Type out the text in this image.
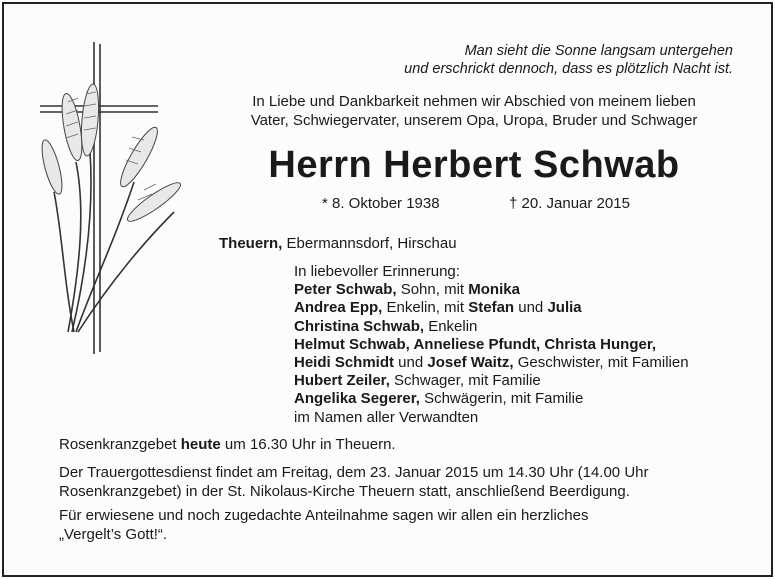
Man sieht die Sonne langsam untergehen
und erschrickt dennoch, dass es plötzlich Nacht ist.
In Liebe und Dankbarkeit nehmen wir Abschied von meinem lieben
Vater, Schwiegervater, unserem Opa, Uropa, Bruder und Schwager
Herrn Herbert Schwab
* 8. Oktober 1938	† 20. Januar 2015
Theuern, Ebermannsdorf, Hirschau
In liebevoller Erinnerung:
Peter Schwab, Sohn, mit Monika
Andrea Epp, Enkelin, mit Stefan und Julia
Christina Schwab, Enkelin
Helmut Schwab, Anneliese Pfundt, Christa Hunger,
Heidi Schmidt und Josef Waitz, Geschwister, mit Familien
Hubert Zeiler, Schwager, mit Familie
Angelika Segerer, Schwägerin, mit Familie
im Namen aller Verwandten
Rosenkranzgebet heute um 16.30 Uhr in Theuern.
Der Trauergottesdienst findet am Freitag, dem 23. Januar 2015 um 14.30 Uhr (14.00 Uhr
Rosenkranzgebet) in der St. Nikolaus-Kirche Theuern statt, anschließend Beerdigung.
Für erwiesene und noch zugedachte Anteilnahme sagen wir allen ein herzliches
„Vergelt’s Gott!“.
